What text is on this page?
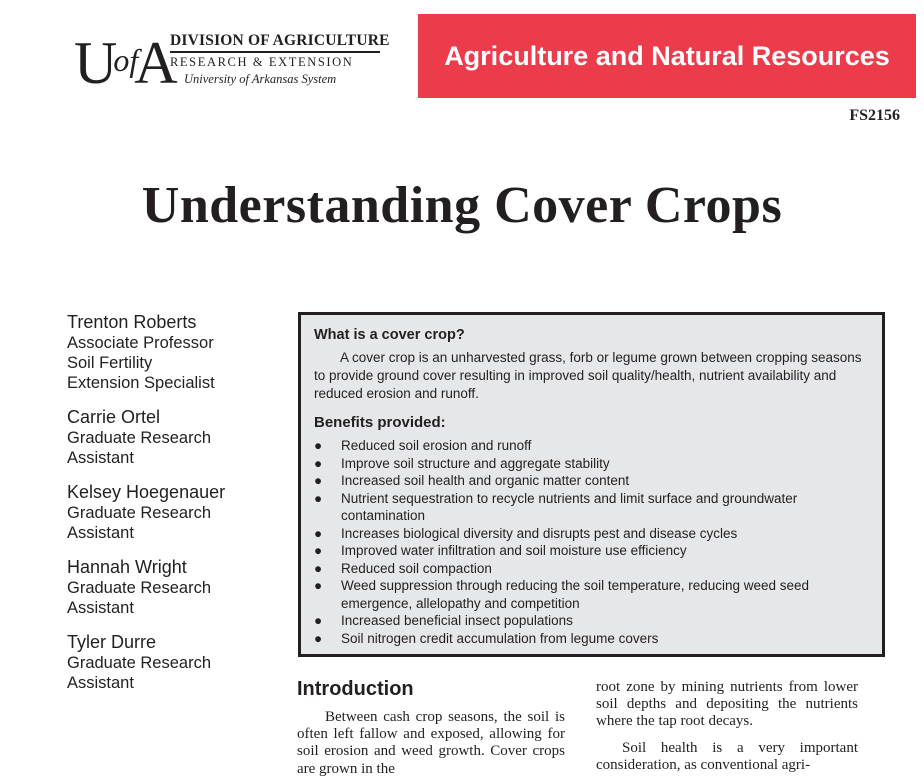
$U^{of}A$
DIVISION OF AGRICULTURE
RESEARCH & EXTENSION
University of Arkansas System
Agriculture and Natural Resources
FS2156
Understanding Cover Crops
Trenton Roberts
Associate Professor
Soil Fertility
Extension Specialist
Carrie Ortel
Graduate Research
Assistant
Kelsey Hoegenauer
Graduate Research
Assistant
Hannah Wright
Graduate Research
Assistant
Tyler Durre
Graduate Research
Assistant
What is a cover crop?

A cover crop is an unharvested grass, forb or legume grown between cropping seasons to provide ground cover resulting in improved soil quality/health, nutrient availability and reduced erosion and runoff.

Benefits provided:
● Reduced soil erosion and runoff
● Improve soil structure and aggregate stability
● Increased soil health and organic matter content
● Nutrient sequestration to recycle nutrients and limit surface and groundwater contamination
● Increases biological diversity and disrupts pest and disease cycles
● Improved water infiltration and soil moisture use efficiency
● Reduced soil compaction
● Weed suppression through reducing the soil temperature, reducing weed seed emergence, allelopathy and competition
● Increased beneficial insect populations
● Soil nitrogen credit accumulation from legume covers
Introduction

Between cash crop seasons, the soil is often left fallow and exposed, allowing for soil erosion and weed growth. Cover crops are grown in the

root zone by mining nutrients from lower soil depths and depositing the nutrients where the tap root decays.

Soil health is a very important consideration, as conventional agri-
